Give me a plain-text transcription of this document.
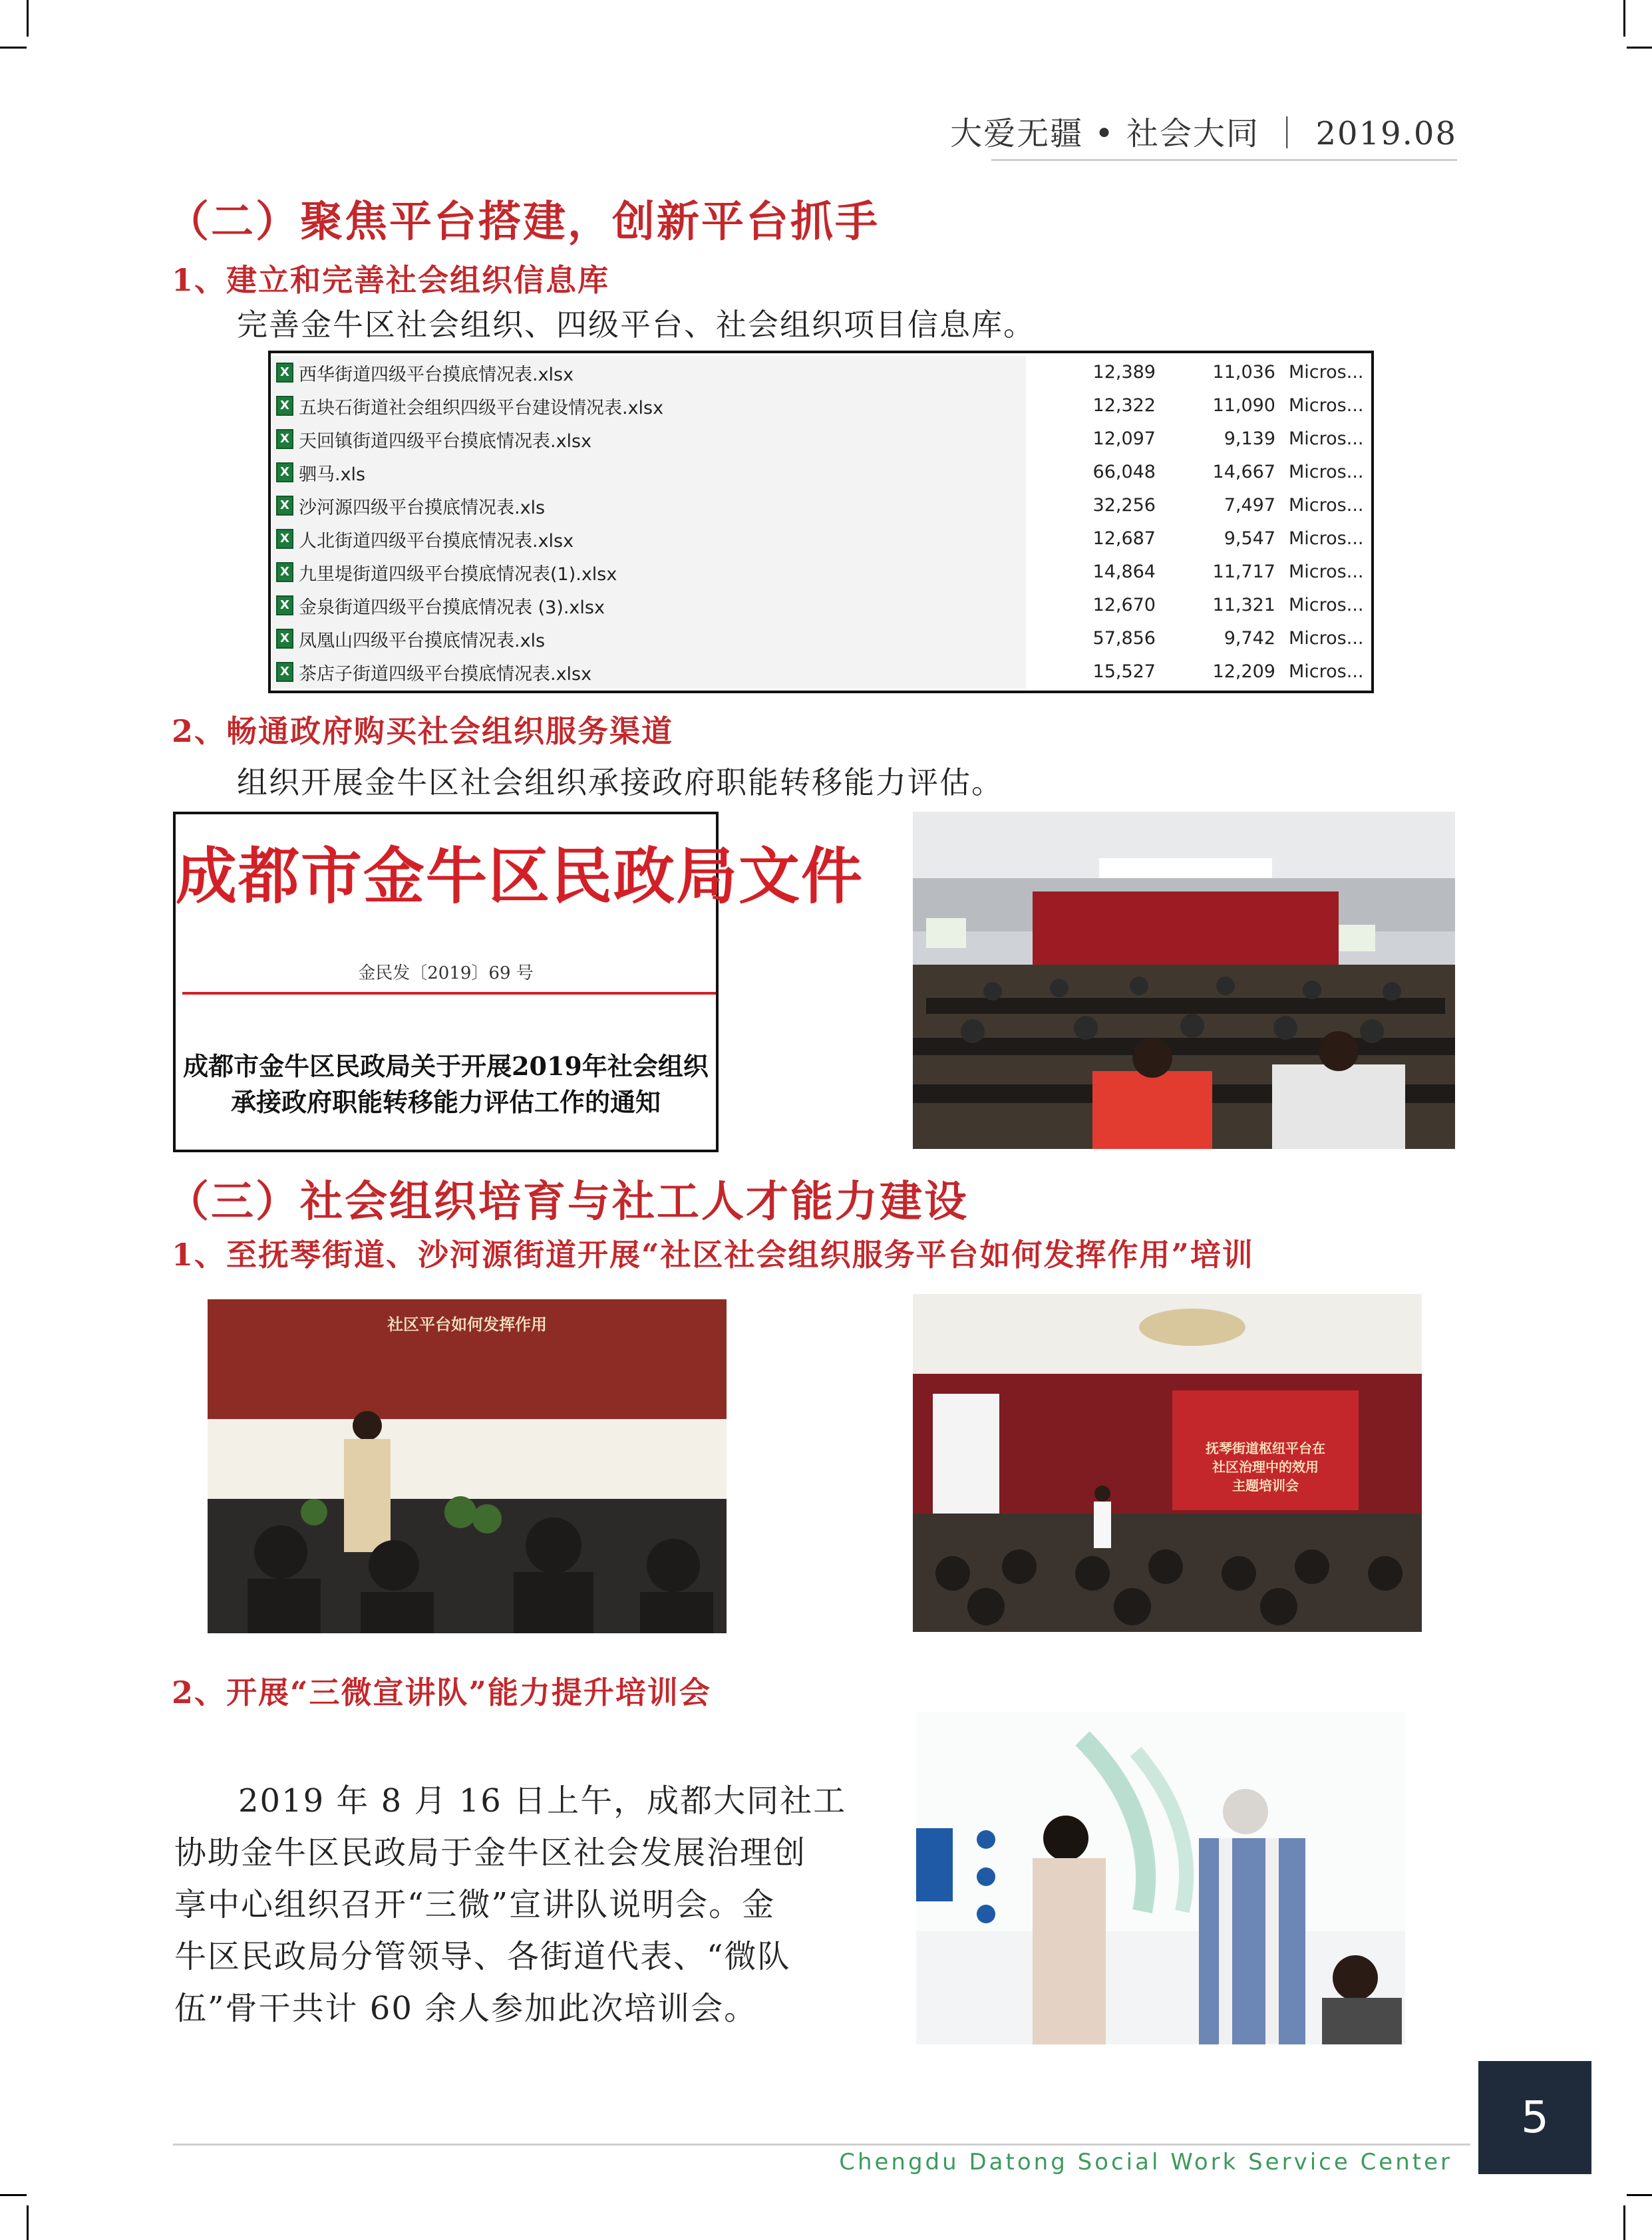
大爱无疆 • 社会大同 ｜ 2019.08
（二）聚焦平台搭建，创新平台抓手
1、建立和完善社会组织信息库
完善金牛区社会组织、四级平台、社会组织项目信息库。
X 西华街道四级平台摸底情况表.xlsx	12,389	11,036 Micros...
X 五块石街道社会组织四级平台建设情况表.xlsx	12,322	11,090 Micros...
X 天回镇街道四级平台摸底情况表.xlsx	12,097	9,139 Micros...
X 驷马.xls	66,048	14,667 Micros...
X 沙河源四级平台摸底情况表.xls	32,256	7,497 Micros...
X 人北街道四级平台摸底情况表.xlsx	12,687	9,547 Micros...
X 九里堤街道四级平台摸底情况表(1).xlsx	14,864	11,717 Micros...
X 金泉街道四级平台摸底情况表 (3).xlsx	12,670	11,321 Micros...
X 凤凰山四级平台摸底情况表.xls	57,856	9,742 Micros...
X 茶店子街道四级平台摸底情况表.xlsx	15,527	12,209 Micros...
2、畅通政府购买社会组织服务渠道
组织开展金牛区社会组织承接政府职能转移能力评估。
成都市金牛区民政局文件
金民发〔2019〕69 号
成都市金牛区民政局关于开展2019年社会组织
承接政府职能转移能力评估工作的通知
（三）社会组织培育与社工人才能力建设
1、至抚琴街道、沙河源街道开展“社区社会组织服务平台如何发挥作用”培训
社区平台如何发挥作用
抚琴街道枢纽平台在
社区治理中的效用
主题培训会
2、开展“三微宣讲队”能力提升培训会
2019 年 8 月 16 日上午，成都大同社工
协助金牛区民政局于金牛区社会发展治理创
享中心组织召开“三微”宣讲队说明会。金
牛区民政局分管领导、各街道代表、“微队
伍”骨干共计 60 余人参加此次培训会。
5
Chengdu Datong Social Work Service Center
